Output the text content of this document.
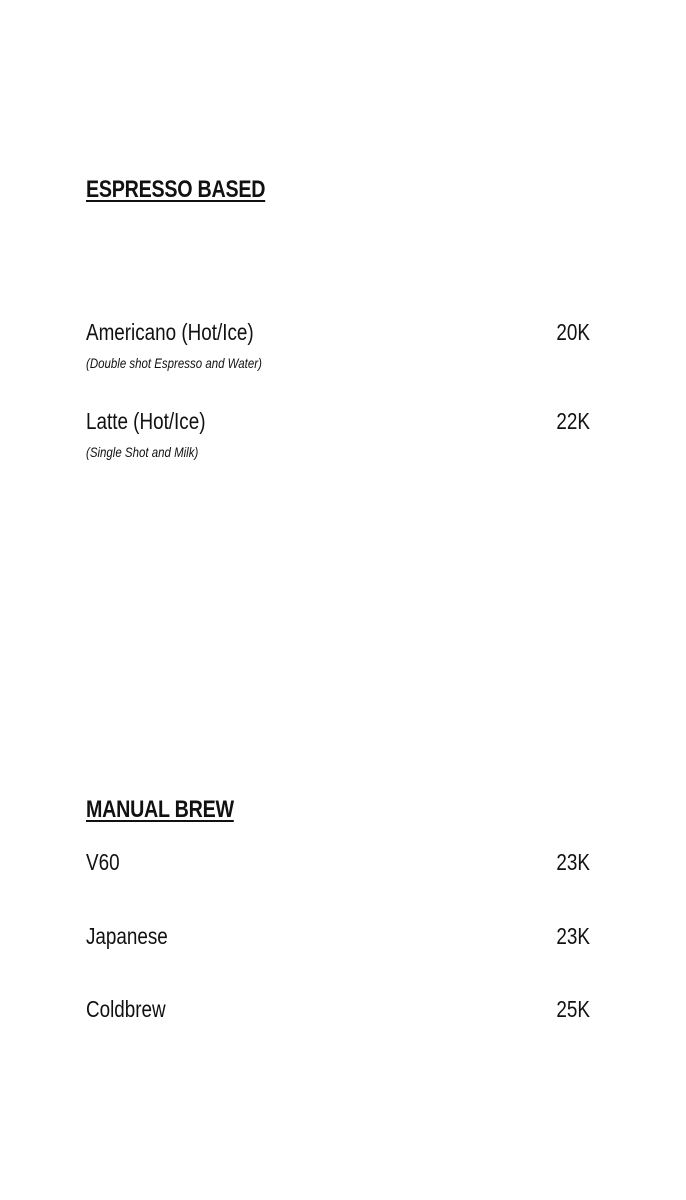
ESPRESSO BASED
Americano (Hot/Ice)	20K
(Double shot Espresso and Water)
Latte (Hot/Ice)	22K
(Single Shot and Milk)
MANUAL BREW
V60	23K
Japanese	23K
Coldbrew	25K
